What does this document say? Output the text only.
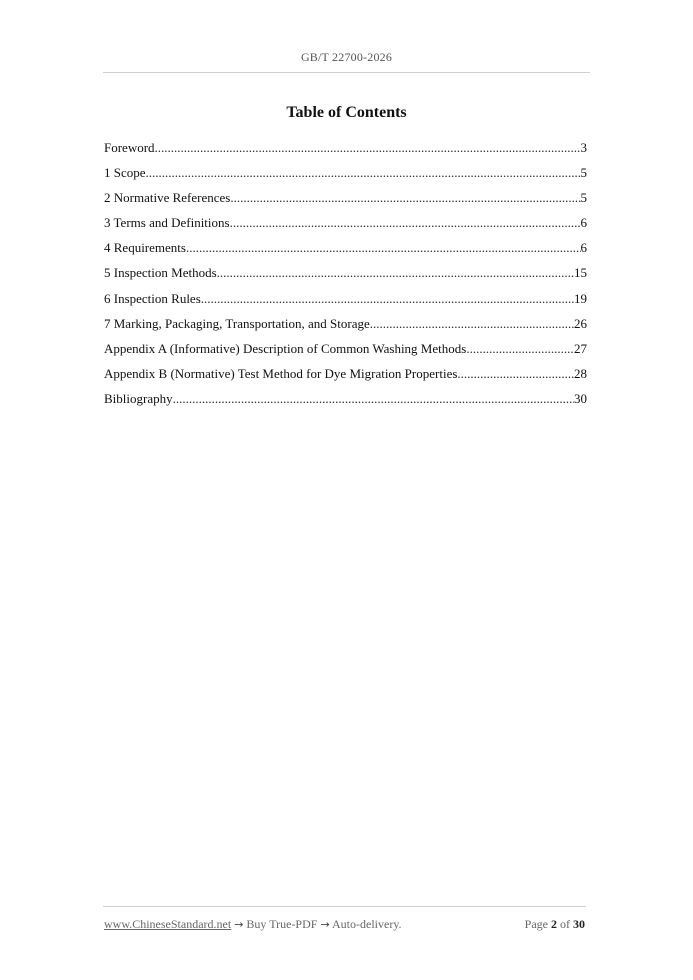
GB/T 22700-2026
Table of Contents
Foreword .....	3
1 Scope .....	5
2 Normative References .....	5
3 Terms and Definitions .....	6
4 Requirements .....	6
5 Inspection Methods .....	15
6 Inspection Rules .....	19
7 Marking, Packaging, Transportation, and Storage .....	26
Appendix A (Informative) Description of Common Washing Methods .....	27
Appendix B (Normative) Test Method for Dye Migration Properties .....	28
Bibliography .....	30
www.ChineseStandard.net → Buy True-PDF → Auto-delivery.	Page 2 of 30
